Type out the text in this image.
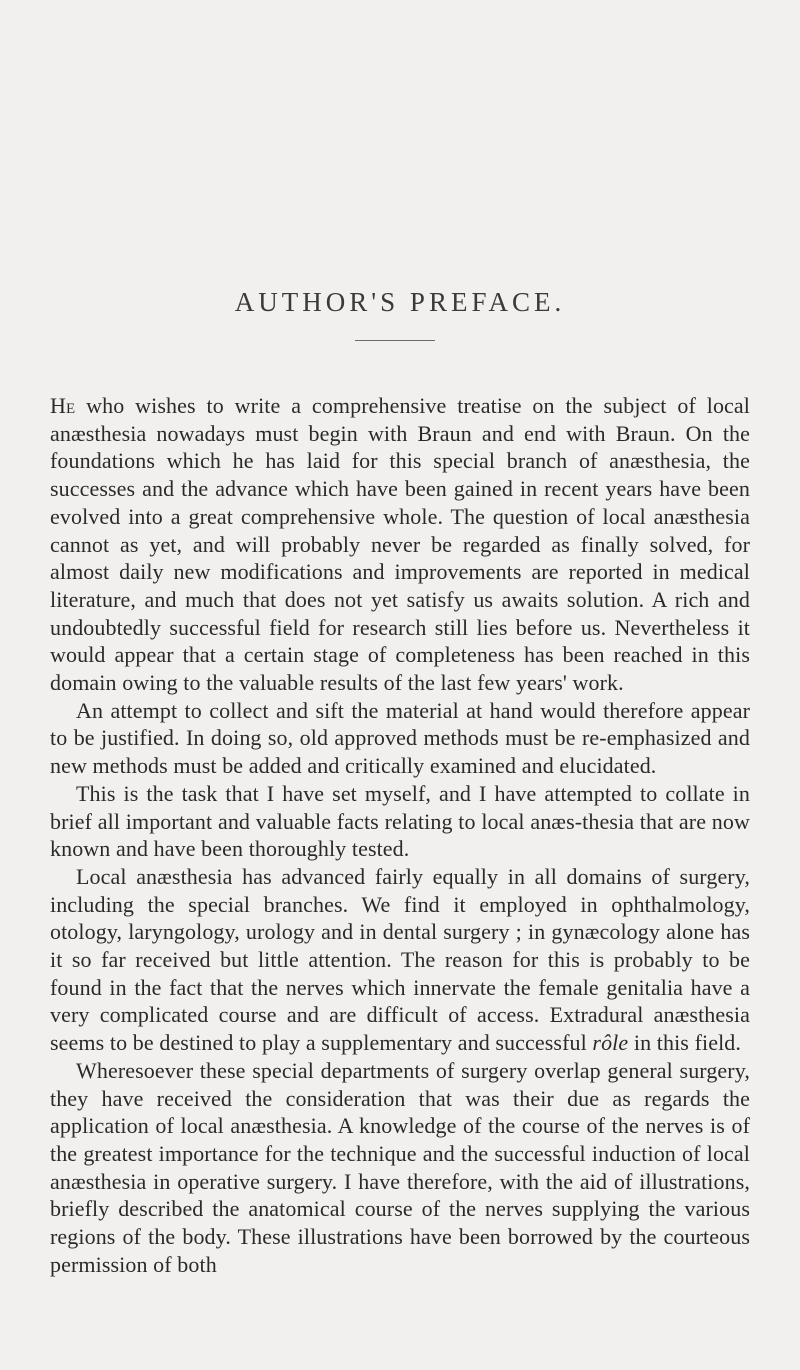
AUTHOR'S PREFACE.

He who wishes to write a comprehensive treatise on the subject of local anæsthesia nowadays must begin with Braun and end with Braun. On the foundations which he has laid for this special branch of anæsthesia, the successes and the advance which have been gained in recent years have been evolved into a great comprehensive whole. The question of local anæsthesia cannot as yet, and will probably never be regarded as finally solved, for almost daily new modifications and improvements are reported in medical literature, and much that does not yet satisfy us awaits solution. A rich and undoubtedly successful field for research still lies before us. Nevertheless it would appear that a certain stage of completeness has been reached in this domain owing to the valuable results of the last few years' work.

An attempt to collect and sift the material at hand would therefore appear to be justified. In doing so, old approved methods must be re-emphasized and new methods must be added and critically examined and elucidated.

This is the task that I have set myself, and I have attempted to collate in brief all important and valuable facts relating to local anæs-thesia that are now known and have been thoroughly tested.

Local anæsthesia has advanced fairly equally in all domains of surgery, including the special branches. We find it employed in ophthalmology, otology, laryngology, urology and in dental surgery ; in gynæcology alone has it so far received but little attention. The reason for this is probably to be found in the fact that the nerves which innervate the female genitalia have a very complicated course and are difficult of access. Extradural anæsthesia seems to be destined to play a supplementary and successful rôle in this field.

Wheresoever these special departments of surgery overlap general surgery, they have received the consideration that was their due as regards the application of local anæsthesia. A knowledge of the course of the nerves is of the greatest importance for the technique and the successful induction of local anæsthesia in operative surgery. I have therefore, with the aid of illustrations, briefly described the anatomical course of the nerves supplying the various regions of the body. These illustrations have been borrowed by the courteous permission of both
